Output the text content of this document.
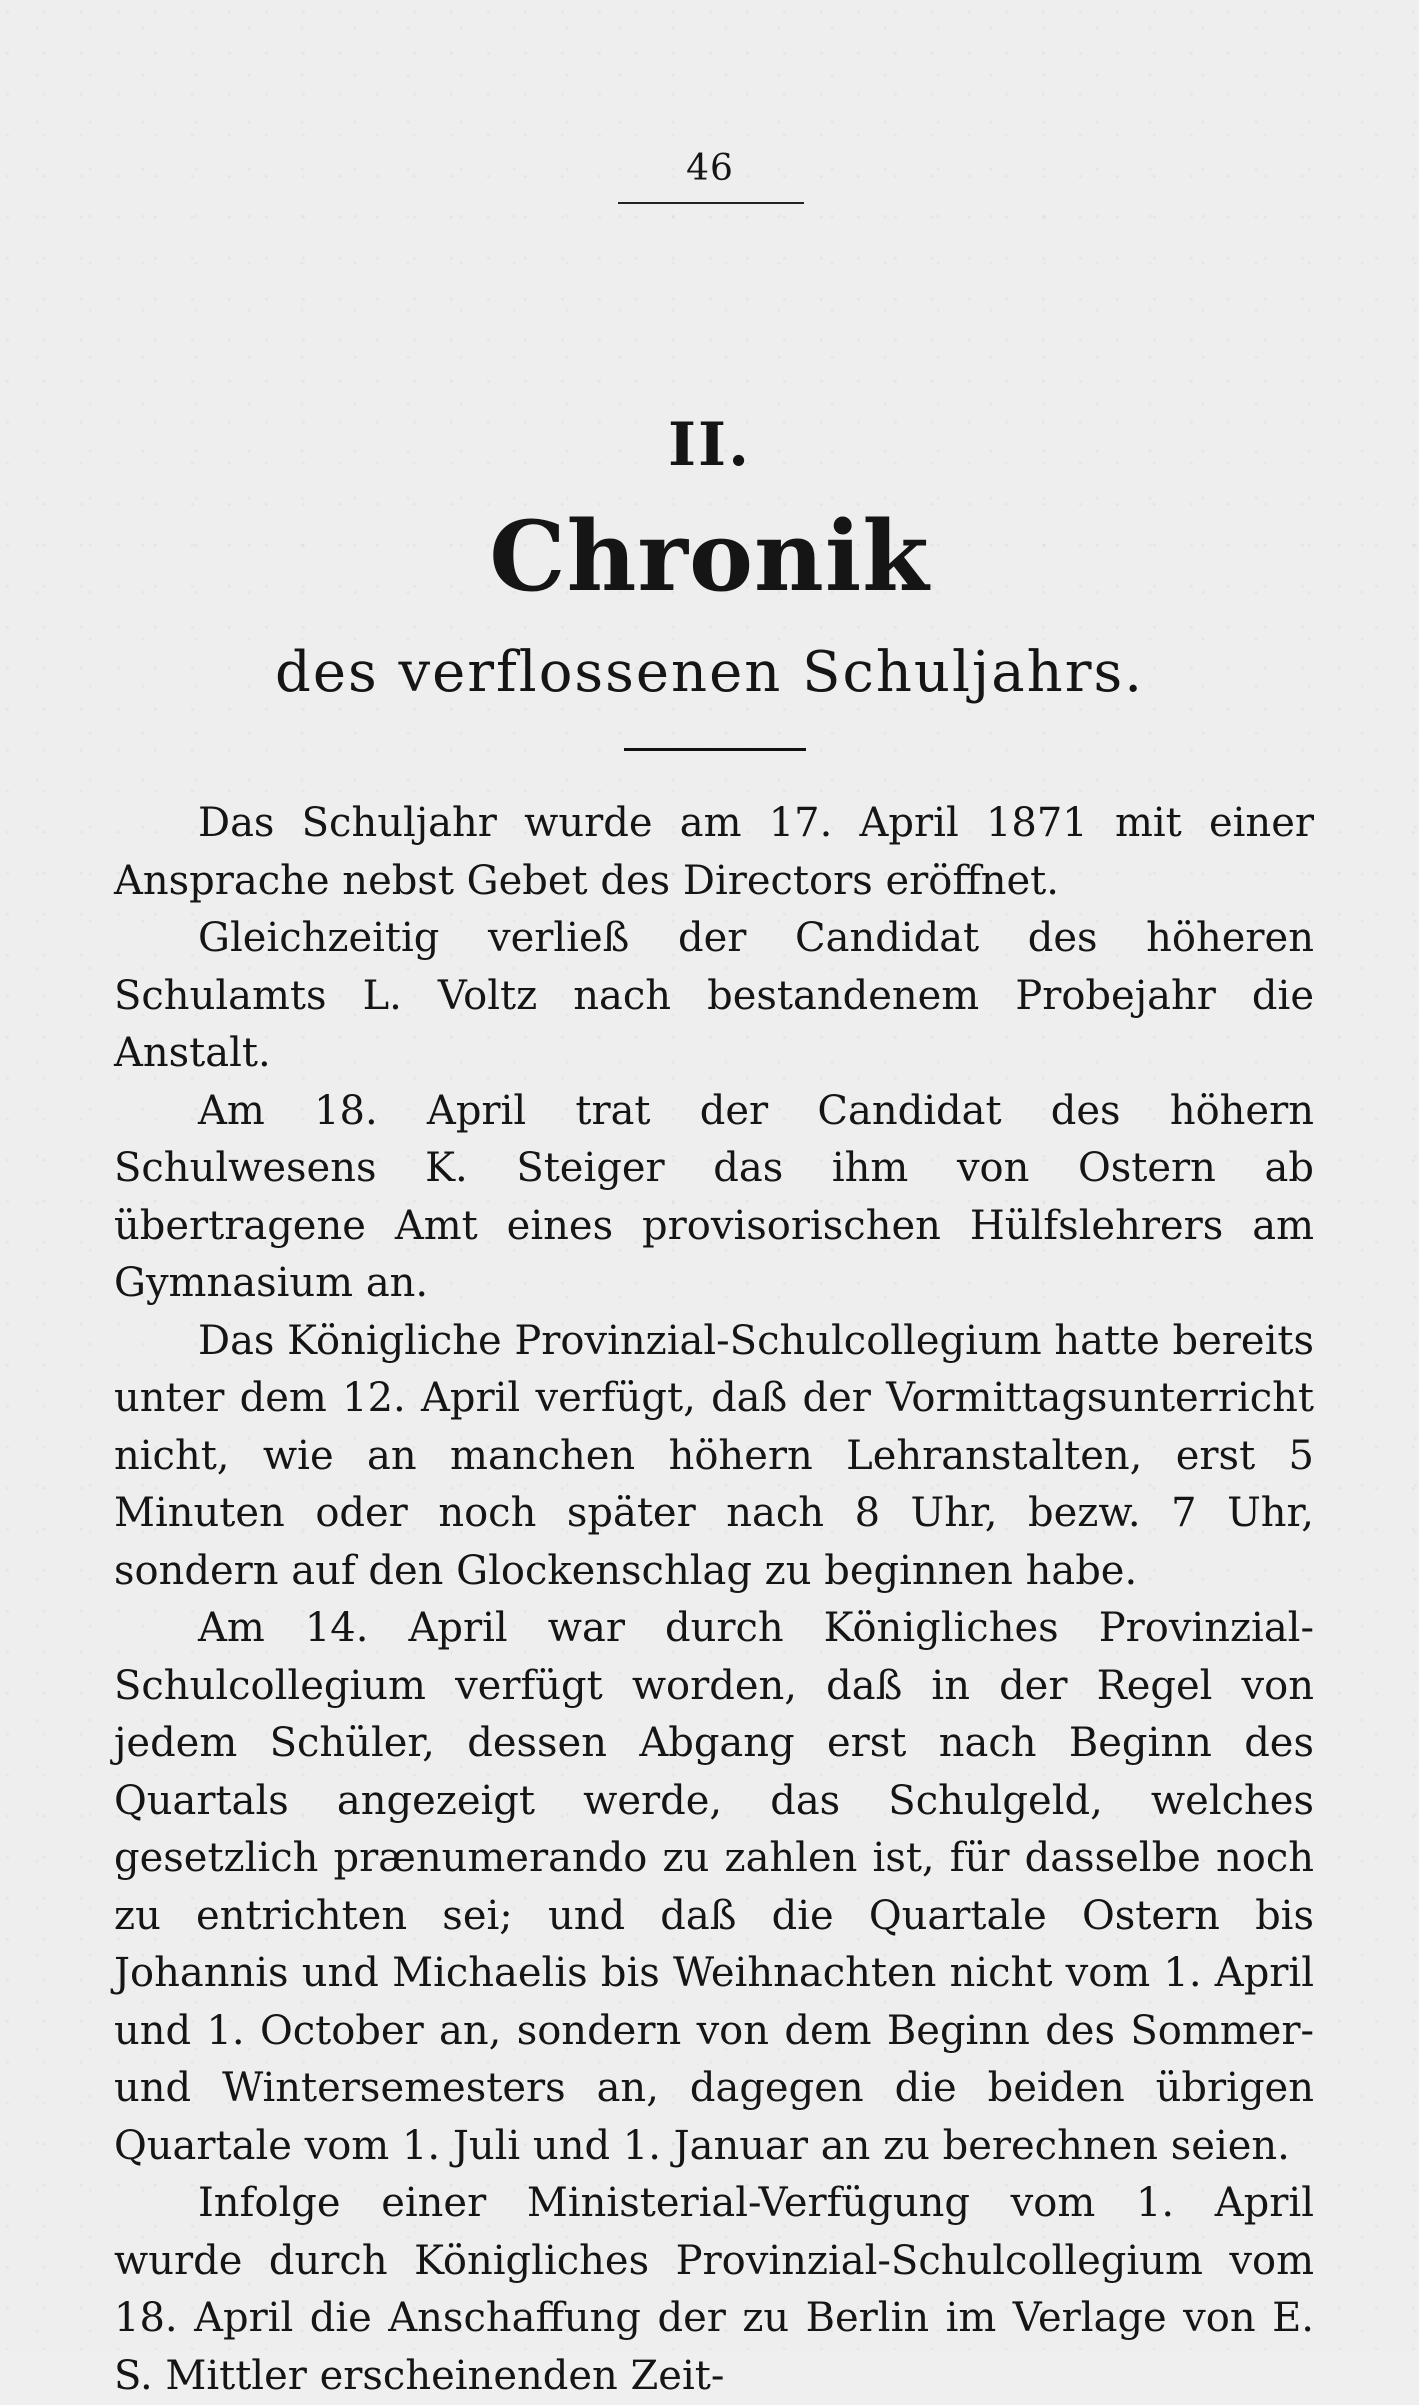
46
II.
Chronik
des verflossenen Schuljahrs.

Das Schuljahr wurde am 17. April 1871 mit einer Ansprache nebst Gebet des Directors eröffnet.

Gleichzeitig verließ der Candidat des höheren Schulamts L. Voltz nach bestandenem Probejahr die Anstalt.

Am 18. April trat der Candidat des höhern Schulwesens K. Steiger das ihm von Ostern ab übertragene Amt eines provisorischen Hülfslehrers am Gymnasium an.

Das Königliche Provinzial-Schulcollegium hatte bereits unter dem 12. April verfügt, daß der Vormittagsunterricht nicht, wie an manchen höhern Lehranstalten, erst 5 Minuten oder noch später nach 8 Uhr, bezw. 7 Uhr, sondern auf den Glockenschlag zu beginnen habe.

Am 14. April war durch Königliches Provinzial-Schulcollegium verfügt worden, daß in der Regel von jedem Schüler, dessen Abgang erst nach Beginn des Quartals angezeigt werde, das Schulgeld, welches gesetzlich prænumerando zu zahlen ist, für dasselbe noch zu entrichten sei; und daß die Quartale Ostern bis Johannis und Michaelis bis Weihnachten nicht vom 1. April und 1. October an, sondern von dem Beginn des Sommer- und Wintersemesters an, dagegen die beiden übrigen Quartale vom 1. Juli und 1. Januar an zu berechnen seien.

Infolge einer Ministerial-Verfügung vom 1. April wurde durch Königliches Provinzial-Schulcollegium vom 18. April die Anschaffung der zu Berlin im Verlage von E. S. Mittler erscheinenden Zeit-
